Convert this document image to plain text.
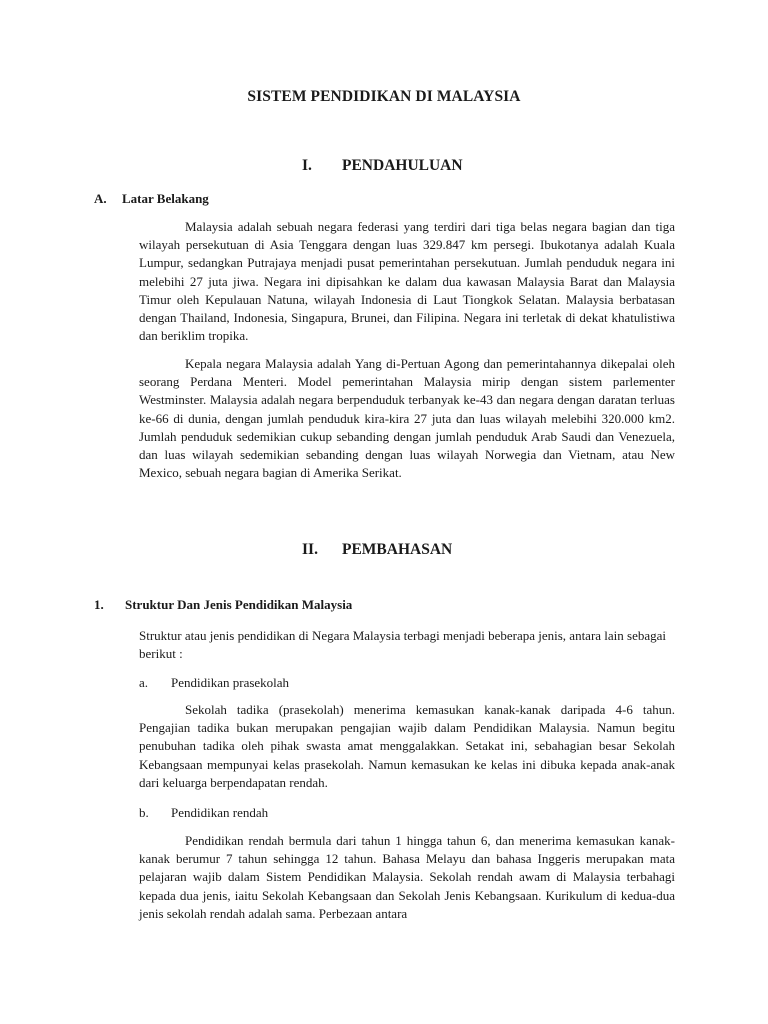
SISTEM PENDIDIKAN DI MALAYSIA
I. PENDAHULUAN
A. Latar Belakang

Malaysia adalah sebuah negara federasi yang terdiri dari tiga belas negara bagian dan tiga wilayah persekutuan di Asia Tenggara dengan luas 329.847 km persegi. Ibukotanya adalah Kuala Lumpur, sedangkan Putrajaya menjadi pusat pemerintahan persekutuan. Jumlah penduduk negara ini melebihi 27 juta jiwa. Negara ini dipisahkan ke dalam dua kawasan Malaysia Barat dan Malaysia Timur oleh Kepulauan Natuna, wilayah Indonesia di Laut Tiongkok Selatan. Malaysia berbatasan dengan Thailand, Indonesia, Singapura, Brunei, dan Filipina. Negara ini terletak di dekat khatulistiwa dan beriklim tropika.

Kepala negara Malaysia adalah Yang di-Pertuan Agong dan pemerintahannya dikepalai oleh seorang Perdana Menteri. Model pemerintahan Malaysia mirip dengan sistem parlementer Westminster. Malaysia adalah negara berpenduduk terbanyak ke-43 dan negara dengan daratan terluas ke-66 di dunia, dengan jumlah penduduk kira-kira 27 juta dan luas wilayah melebihi 320.000 km2. Jumlah penduduk sedemikian cukup sebanding dengan jumlah penduduk Arab Saudi dan Venezuela, dan luas wilayah sedemikian sebanding dengan luas wilayah Norwegia dan Vietnam, atau New Mexico, sebuah negara bagian di Amerika Serikat.

II. PEMBAHASAN
1. Struktur Dan Jenis Pendidikan Malaysia

Struktur atau jenis pendidikan di Negara Malaysia terbagi menjadi beberapa jenis, antara lain sebagai berikut :

a. Pendidikan prasekolah

Sekolah tadika (prasekolah) menerima kemasukan kanak-kanak daripada 4-6 tahun. Pengajian tadika bukan merupakan pengajian wajib dalam Pendidikan Malaysia. Namun begitu penubuhan tadika oleh pihak swasta amat menggalakkan. Setakat ini, sebahagian besar Sekolah Kebangsaan mempunyai kelas prasekolah. Namun kemasukan ke kelas ini dibuka kepada anak-anak dari keluarga berpendapatan rendah.

b. Pendidikan rendah

Pendidikan rendah bermula dari tahun 1 hingga tahun 6, dan menerima kemasukan kanak-kanak berumur 7 tahun sehingga 12 tahun. Bahasa Melayu dan bahasa Inggeris merupakan mata pelajaran wajib dalam Sistem Pendidikan Malaysia. Sekolah rendah awam di Malaysia terbahagi kepada dua jenis, iaitu Sekolah Kebangsaan dan Sekolah Jenis Kebangsaan. Kurikulum di kedua-dua jenis sekolah rendah adalah sama. Perbezaan antara
